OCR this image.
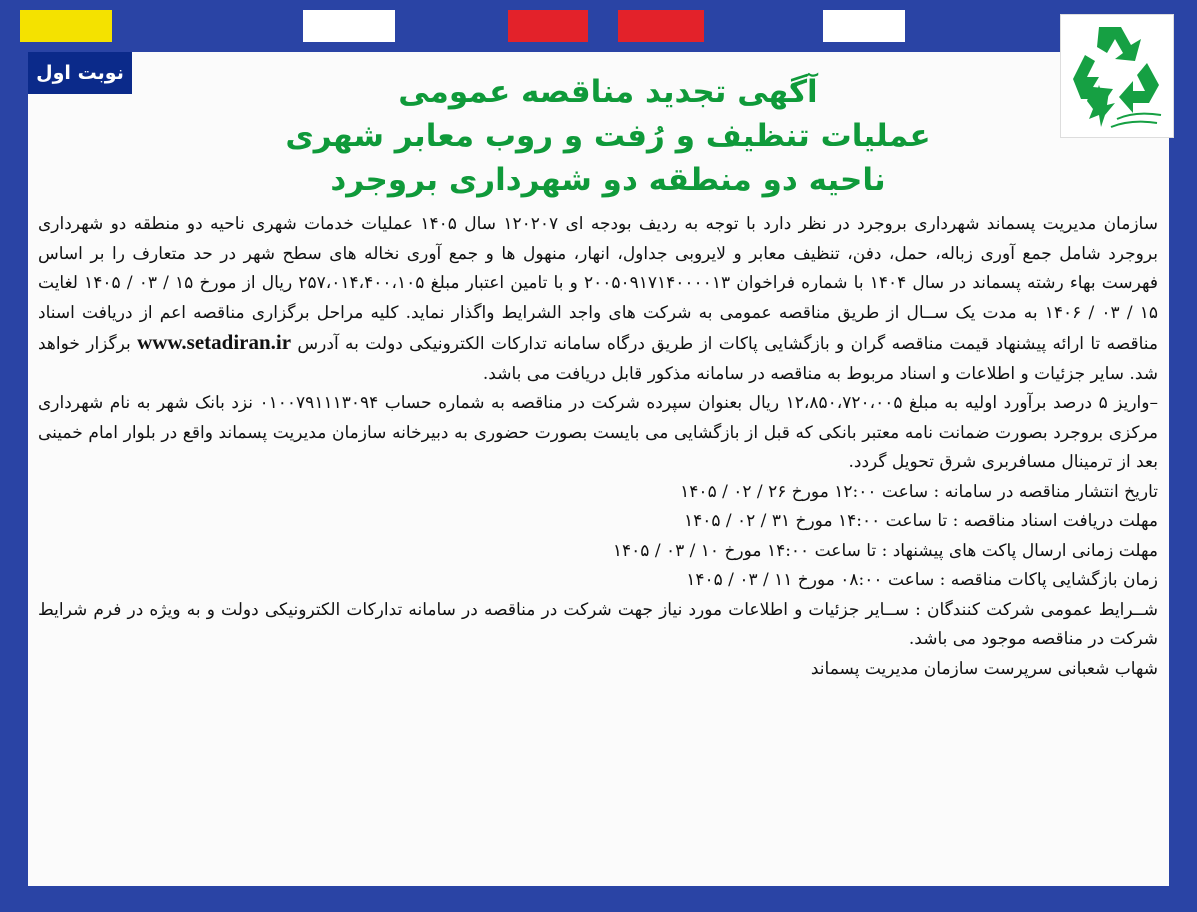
نوبت اول
آگهی تجدید مناقصه عمومی
عملیات تنظیف و رُفت و روب معابر شهری
ناحیه دو منطقه دو شهرداری بروجرد

سازمان مدیریت پسماند شهرداری بروجرد در نظر دارد با توجه به ردیف بودجه ای ۱۲۰۲۰۷ سال ۱۴۰۵ عملیات خدمات شهری ناحیه دو منطقه دو شهرداری بروجرد شامل جمع آوری زباله، حمل، دفن، تنظیف معابر و لایروبی جداول، انهار، منهول ها و جمع آوری نخاله های سطح شهر در حد متعارف را بر اساس فهرست بهاء رشته پسماند در سال ۱۴۰۴ با شماره فراخوان ۲۰۰۵۰۹۱۷۱۴۰۰۰۰۱۳ و با تامین اعتبار مبلغ ۲۵۷،۰۱۴،۴۰۰،۱۰۵ ریال از مورخ ۱۵ / ۰۳ / ۱۴۰۵ لغایت ۱۵ / ۰۳ / ۱۴۰۶ به مدت یک ســال از طریق مناقصه عمومی به شرکت های واجد الشرایط واگذار نماید. کلیه مراحل برگزاری مناقصه اعم از دریافت اسناد مناقصه تا ارائه پیشنهاد قیمت مناقصه گران و بازگشایی پاکات از طریق درگاه سامانه تدارکات الکترونیکی دولت به آدرس www.setadiran.ir برگزار خواهد شد. سایر جزئیات و اطلاعات و اسناد مربوط به مناقصه در سامانه مذکور قابل دریافت می باشد.

–واریز ۵ درصد برآورد اولیه به مبلغ ۱۲،۸۵۰،۷۲۰،۰۰۵ ریال بعنوان سپرده شرکت در مناقصه به شماره حساب ۰۱۰۰۷۹۱۱۱۳۰۹۴ نزد بانک شهر به نام شهرداری مرکزی بروجرد بصورت ضمانت نامه معتبر بانکی که قبل از بازگشایی می بایست بصورت حضوری به دبیرخانه سازمان مدیریت پسماند واقع در بلوار امام خمینی بعد از ترمینال مسافربری شرق تحویل گردد.

تاریخ انتشار مناقصه در سامانه : ساعت ۱۲:۰۰ مورخ ۲۶ / ۰۲ / ۱۴۰۵

مهلت دریافت اسناد مناقصه : تا ساعت ۱۴:۰۰ مورخ ۳۱ / ۰۲ / ۱۴۰۵

مهلت زمانی ارسال پاکت های پیشنهاد : تا ساعت ۱۴:۰۰ مورخ ۱۰ / ۰۳ / ۱۴۰۵

زمان بازگشایی پاکات مناقصه : ساعت ۰۸:۰۰ مورخ ۱۱ / ۰۳ / ۱۴۰۵

شــرایط عمومی شرکت کنندگان : ســایر جزئیات و اطلاعات مورد نیاز جهت شرکت در مناقصه در سامانه تدارکات الکترونیکی دولت و به ویژه در فرم شرایط شرکت در مناقصه موجود می باشد.

شهاب شعبانی سرپرست سازمان مدیریت پسماند
